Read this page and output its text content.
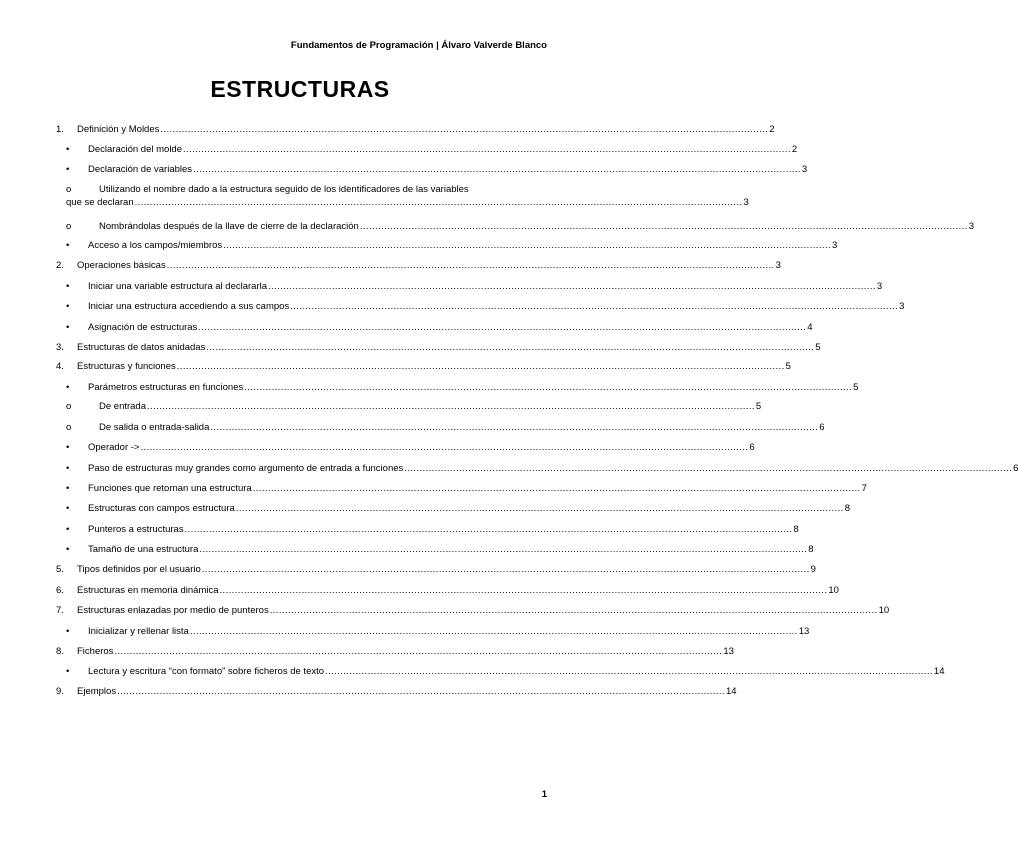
Fundamentos de Programación | Álvaro Valverde Blanco
ESTRUCTURAS
1. Definición y Moldes ........................................................................................................................................................................................................ 2
• Declaración del molde ........................................................................................................................................................................................................ 2
• Declaración de variables ........................................................................................................................................................................................................ 3
o	Utilizando el nombre dado a la estructura seguido de los identificadores de las variables
que se declaran ........................................................................................................................................................................................................ 3
o	Nombrándolas después de la llave de cierre de la declaración ........................................................................................................................................................................................................ 3
• Acceso a los campos/miembros ........................................................................................................................................................................................................ 3
2. Operaciones básicas ........................................................................................................................................................................................................ 3
• Iniciar una variable estructura al declararla ........................................................................................................................................................................................................ 3
• Iniciar una estructura accediendo a sus campos ........................................................................................................................................................................................................ 3
• Asignación de estructuras ........................................................................................................................................................................................................ 4
3. Estructuras de datos anidadas ........................................................................................................................................................................................................ 5
4. Estructuras y funciones ........................................................................................................................................................................................................ 5
• Parámetros estructuras en funciones ........................................................................................................................................................................................................ 5
o	De entrada ........................................................................................................................................................................................................ 5
o	De salida o entrada-salida ........................................................................................................................................................................................................ 6
• Operador -> ........................................................................................................................................................................................................ 6
• Paso de estructuras muy grandes como argumento de entrada a funciones ........................................................................................................................................................................................................ 6
• Funciones que retornan una estructura ........................................................................................................................................................................................................ 7
• Estructuras con campos estructura ........................................................................................................................................................................................................ 8
• Punteros a estructuras ........................................................................................................................................................................................................ 8
• Tamaño de una estructura ........................................................................................................................................................................................................ 8
5. Tipos definidos por el usuario ........................................................................................................................................................................................................ 9
6. Estructuras en memoria dinámica ........................................................................................................................................................................................................ 10
7. Estructuras enlazadas por medio de punteros ........................................................................................................................................................................................................ 10
• Inicializar y rellenar lista ........................................................................................................................................................................................................ 13
8. Ficheros ........................................................................................................................................................................................................ 13
• Lectura y escritura “con formato” sobre ficheros de texto ........................................................................................................................................................................................................ 14
9. Ejemplos ........................................................................................................................................................................................................ 14
1
